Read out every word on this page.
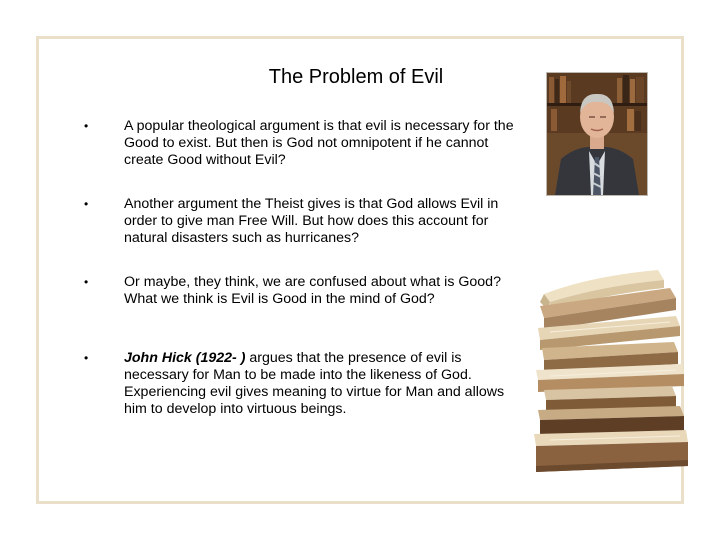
The Problem of Evil
•	A popular theological argument is that evil is necessary for the Good to exist. But then is God not omnipotent if he cannot create Good without Evil?
•	Another argument the Theist gives is that God allows Evil in order to give man Free Will. But how does this account for natural disasters such as hurricanes?
•	Or maybe, they think, we are confused about what is Good? What we think is Evil is Good in the mind of God?
•	John Hick (1922- ) argues that the presence of evil is necessary for Man to be made into the likeness of God. Experiencing evil gives meaning to virtue for Man and allows him to develop into virtuous beings.
